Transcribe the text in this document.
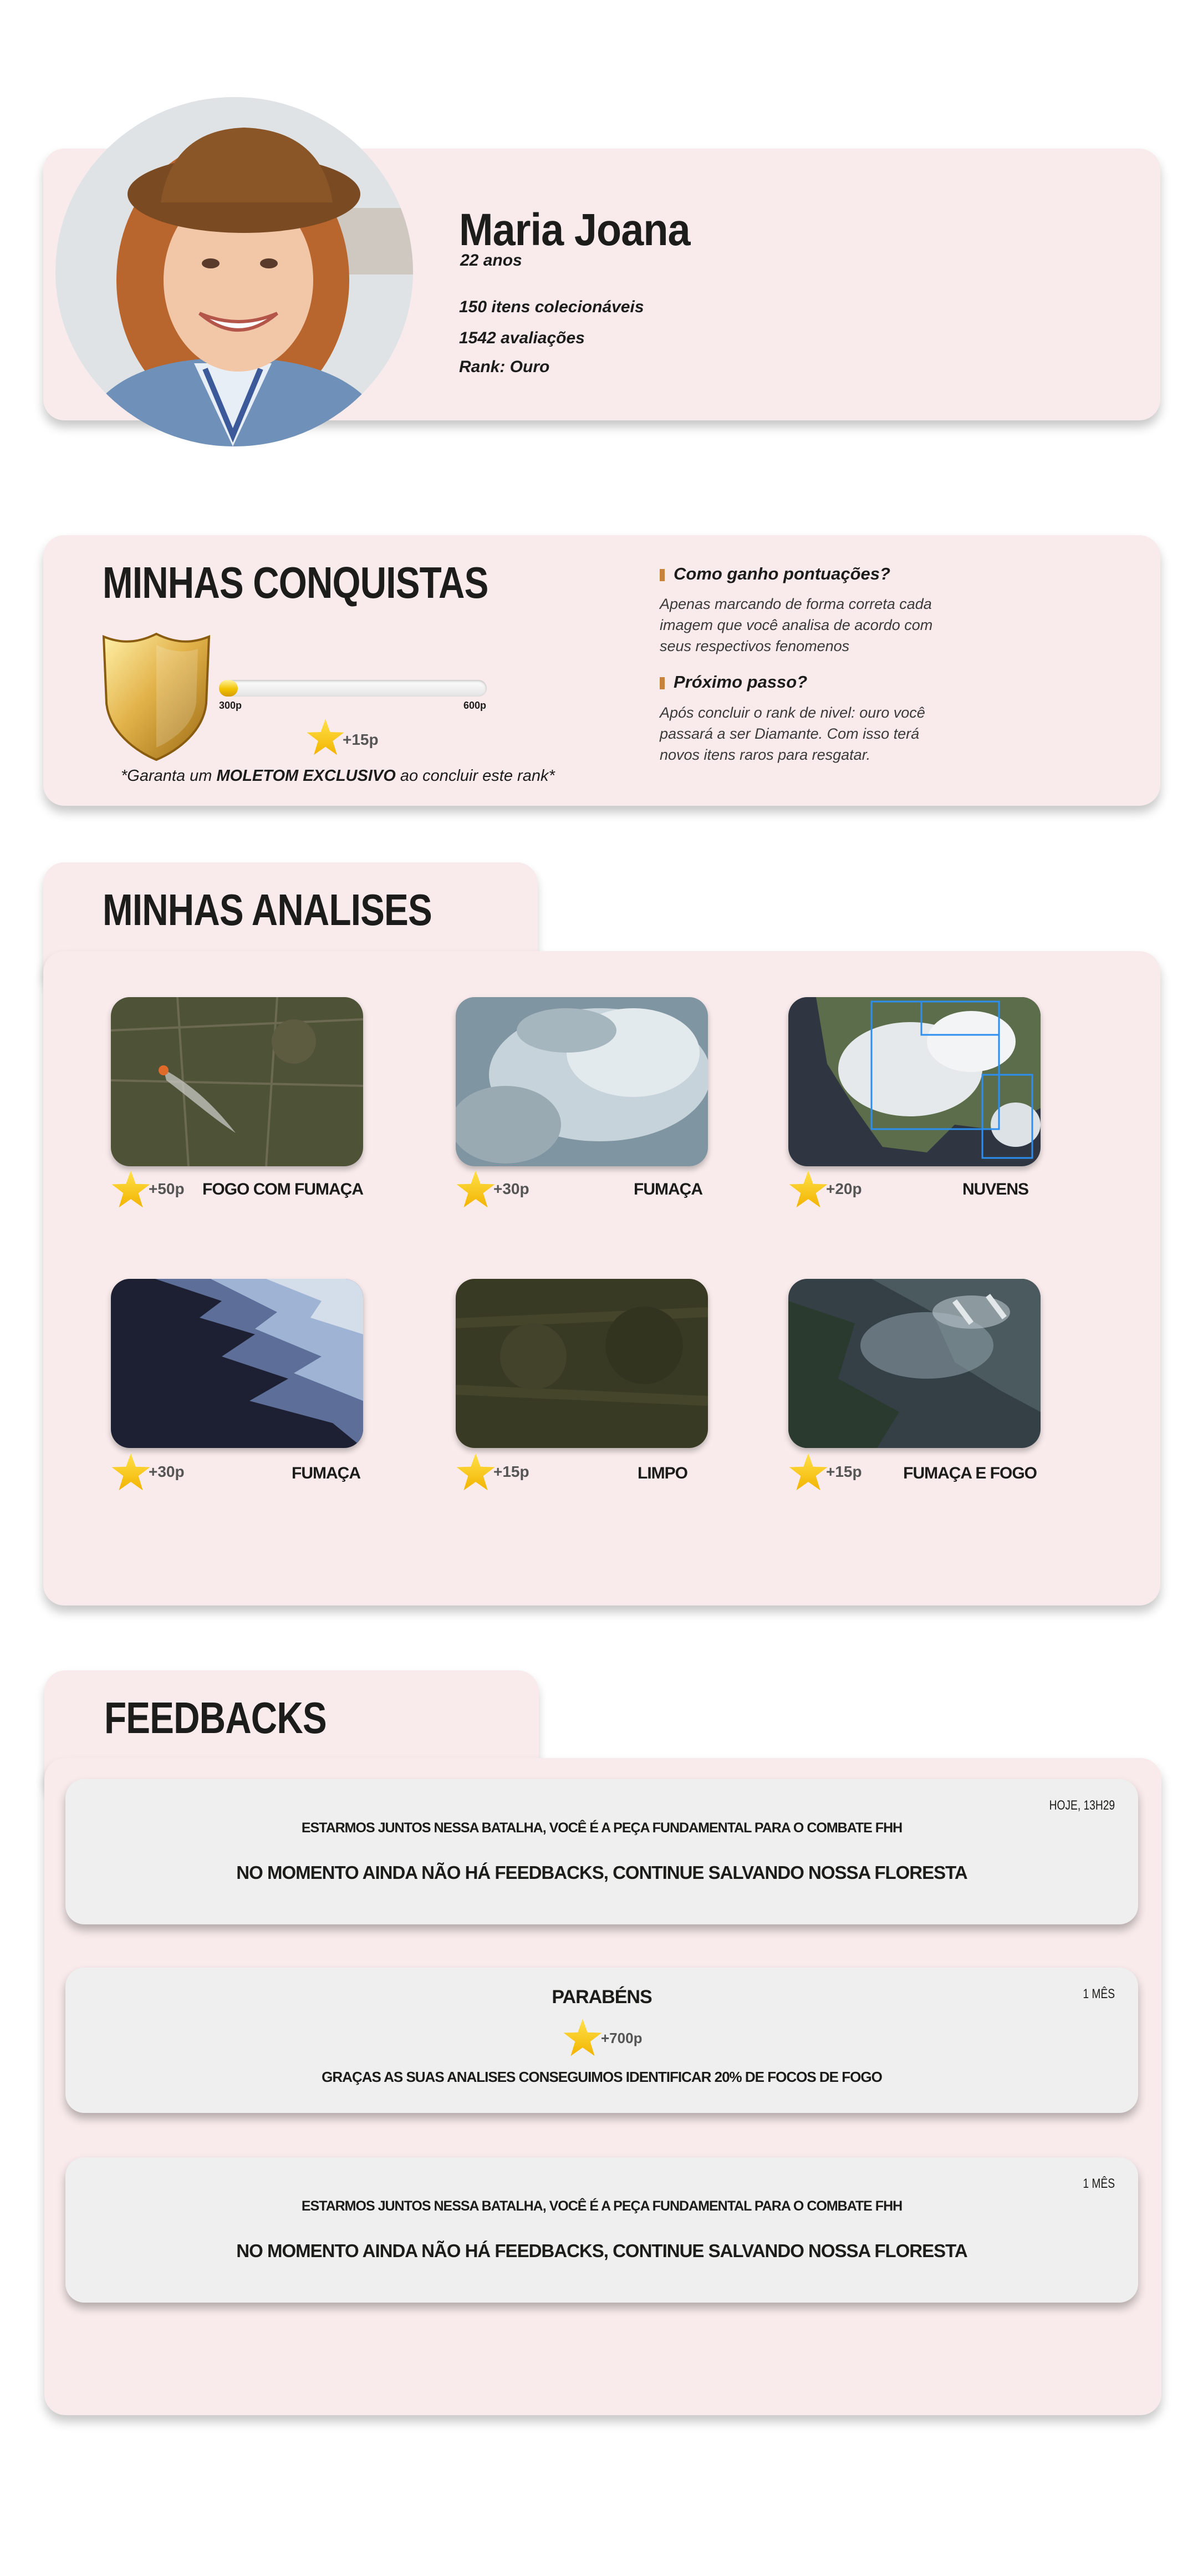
Maria Joana
22 anos
150 itens colecionáveis
1542 avaliações
Rank: Ouro
MINHAS CONQUISTAS
300p	600p
+15p
*Garanta um MOLETOM EXCLUSIVO ao concluir este rank*
Como ganho pontuações?
Apenas marcando de forma correta cada imagem que você analisa de acordo com seus respectivos fenomenos
Próximo passo?
Após concluir o rank de nivel: ouro você passará a ser Diamante. Com isso terá novos itens raros para resgatar.
MINHAS ANALISES
+50p FOGO COM FUMAÇA	+30p	FUMAÇA	+20p	NUVENS
+30p	FUMAÇA	+15p	LIMPO	+15p FUMAÇA E FOGO
FEEDBACKS
HOJE, 13H29
ESTARMOS JUNTOS NESSA BATALHA, VOCÊ É A PEÇA FUNDAMENTAL PARA O COMBATE FHH
NO MOMENTO AINDA NÃO HÁ FEEDBACKS, CONTINUE SALVANDO NOSSA FLORESTA
1 MÊS
PARABÉNS
+700p
GRAÇAS AS SUAS ANALISES CONSEGUIMOS IDENTIFICAR 20% DE FOCOS DE FOGO
1 MÊS
ESTARMOS JUNTOS NESSA BATALHA, VOCÊ É A PEÇA FUNDAMENTAL PARA O COMBATE FHH
NO MOMENTO AINDA NÃO HÁ FEEDBACKS, CONTINUE SALVANDO NOSSA FLORESTA
